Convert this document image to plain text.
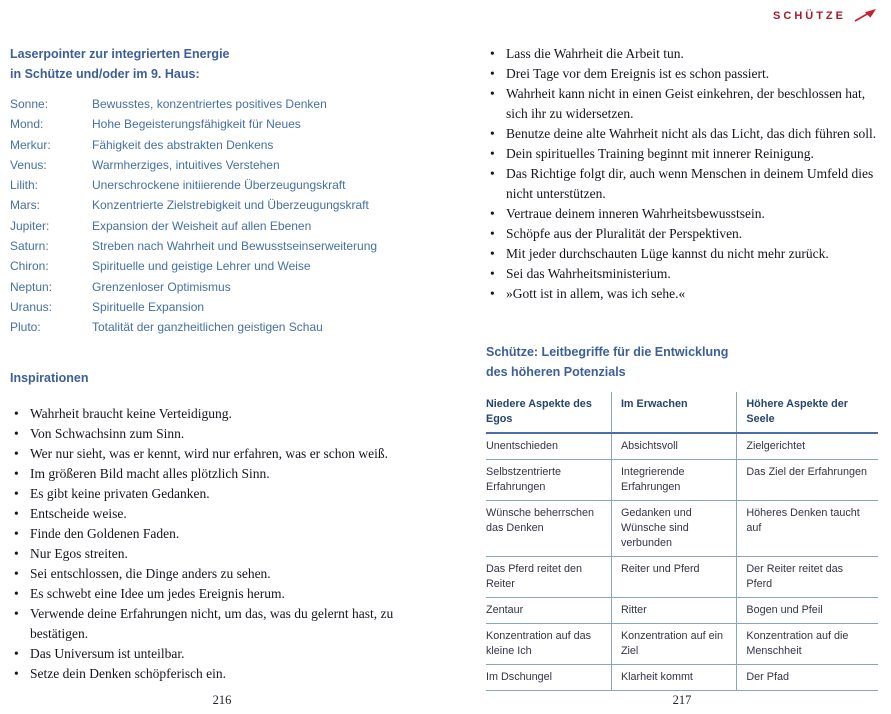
SCHÜTZE
Laserpointer zur integrierten Energie
in Schütze und/oder im 9. Haus:
Sonne:	Bewusstes, konzentriertes positives Denken
Mond:	Hohe Begeisterungsfähigkeit für Neues
Merkur:	Fähigkeit des abstrakten Denkens
Venus:	Warmherziges, intuitives Verstehen
Lilith:	Unerschrockene initiierende Überzeugungskraft
Mars:	Konzentrierte Zielstrebigkeit und Überzeugungskraft
Jupiter:	Expansion der Weisheit auf allen Ebenen
Saturn:	Streben nach Wahrheit und Bewusstseinserweiterung
Chiron:	Spirituelle und geistige Lehrer und Weise
Neptun:	Grenzenloser Optimismus
Uranus:	Spirituelle Expansion
Pluto:	Totalität der ganzheitlichen geistigen Schau
Inspirationen
• Wahrheit braucht keine Verteidigung.
• Von Schwachsinn zum Sinn.
• Wer nur sieht, was er kennt, wird nur erfahren, was er schon weiß.
• Im größeren Bild macht alles plötzlich Sinn.
• Es gibt keine privaten Gedanken.
• Entscheide weise.
• Finde den Goldenen Faden.
• Nur Egos streiten.
• Sei entschlossen, die Dinge anders zu sehen.
• Es schwebt eine Idee um jedes Ereignis herum.
• Verwende deine Erfahrungen nicht, um das, was du gelernt hast, zu bestätigen.
• Das Universum ist unteilbar.
• Setze dein Denken schöpferisch ein.
• Lass die Wahrheit die Arbeit tun.
• Drei Tage vor dem Ereignis ist es schon passiert.
• Wahrheit kann nicht in einen Geist einkehren, der beschlossen hat, sich ihr zu widersetzen.
• Benutze deine alte Wahrheit nicht als das Licht, das dich führen soll.
• Dein spirituelles Training beginnt mit innerer Reinigung.
• Das Richtige folgt dir, auch wenn Menschen in deinem Umfeld dies nicht unterstützen.
• Vertraue deinem inneren Wahrheitsbewusstsein.
• Schöpfe aus der Pluralität der Perspektiven.
• Mit jeder durchschauten Lüge kannst du nicht mehr zurück.
• Sei das Wahrheitsministerium.
• »Gott ist in allem, was ich sehe.«
Schütze: Leitbegriffe für die Entwicklung
des höheren Potenzials
Niedere Aspekte des Egos	Im Erwachen	Höhere Aspekte der Seele
Unentschieden	Absichtsvoll	Zielgerichtet
Selbstzentrierte Erfahrungen	Integrierende Erfahrungen	Das Ziel der Erfahrungen
Wünsche beherrschen das Denken	Gedanken und Wünsche sind verbunden	Höheres Denken taucht auf
Das Pferd reitet den Reiter	Reiter und Pferd	Der Reiter reitet das Pferd
Zentaur	Ritter	Bogen und Pfeil
Konzentration auf das kleine Ich	Konzentration auf ein Ziel	Konzentration auf die Menschheit
Im Dschungel	Klarheit kommt	Der Pfad
216	217
